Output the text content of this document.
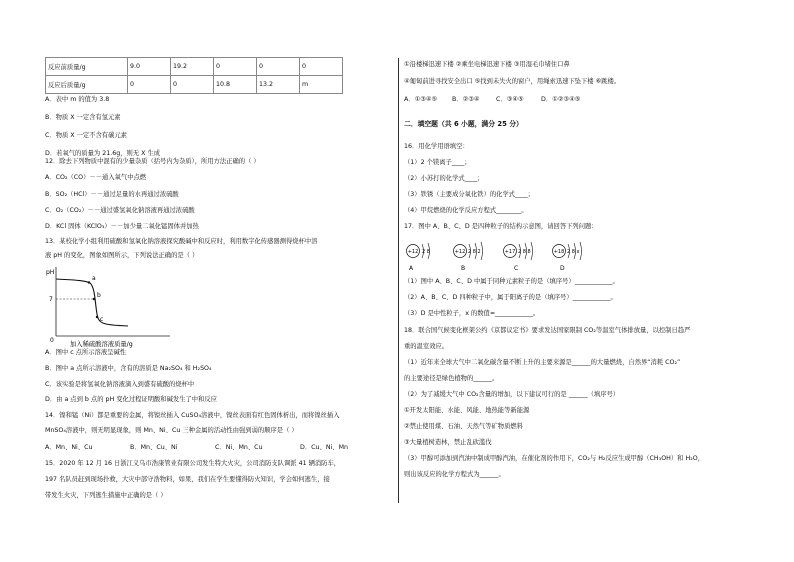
反应前质量/g	9.0	19.2	0	0	0
反应后质量/g	0	0	10.8	13.2	m
A．表中 m 的值为 3.8
B．物质 X 一定含有氢元素
C．物质 X 一定不含有碳元素
D．若氧气的质量为 21.6g，则无 X 生成
12．除去下列物质中混有的少量杂质（括号内为杂质），所用方法正确的（ ）
A．CO₂（CO）－－通入氧气中点燃
B．SO₂（HCl）－－通过足量的水再通过浓硫酸
C．O₂（CO₂）－－通过盛氢氧化钠溶液再通过浓硫酸
D．KCl 固体（KClO₃）－－加少量二氧化锰固体并加热
13．某校化学小组利用硫酸和氢氧化钠溶液探究酸碱中和反应时，利用数字化传感器测得烧杯中溶
液 pH 的变化，图象如图所示，下列说法正确的是（ ）
pH
7
0
a
b
c
加入稀硫酸溶液质量/g
A．图中 c 点所示溶液呈碱性
B．图中 a 点所示溶液中，含有的溶质是 Na₂SO₄ 和 H₂SO₄
C．该实验是将氢氧化钠溶液滴入到盛有硫酸的烧杯中
D．由 a 点到 b 点的 pH 变化过程证明酸和碱发生了中和反应
14．镍和锰（Ni）都是重要的金属，将镍丝插入 CuSO₄溶液中，镍丝表面有红色固体析出，而将镍丝插入
MnSO₄溶液中，则无明显现象，则 Mn、Ni、Cu 三种金属的活动性由强到弱的顺序是（ ）
A．Mn、Ni、Cu	B．Mn、Cu、Ni	C．Ni、Mn、Cu	D．Cu、Ni、Mn
15．2020 年 12 月 16 日浙江义乌市浩康管业有限公司发生特大火灾，公司消防支队调派 41 辆消防车，
197 名队员赶到现场扑救，大灾中部守浩物料，如果，我们在学生要懂得防火知识，学会如何逃生，接
带发生火灾，下列逃生措施中正确的是（ ）
①沿楼梯迅速下楼 ②乘坐电梯迅速下楼 ③用湿毛巾堵住口鼻
④匍匐前进寻找安全出口 ⑤找到未失火的窗户，用绳索迅速下坠下楼 ⑥跳楼。
A．①③④⑤ B．②③④	C．③④⑤	D．①②③④⑤
二．填空题（共 6 小题，满分 25 分）
16．用化学用语填空：
（1）2 个镁离子____；
（2）小苏打的化学式____；
（3）铁锈（主要成分氧化铁）的化学式____；
（4）甲烷燃烧的化学反应方程式________。
17．图中 A、B、C、D 是四种粒子的结构示意图，请回答下列问题：
+12 2 8
A
+12 2 8 2
B
+17 2 8 8
C
+18 2 8 x
D
（1）图中 A、B、C、D 中属于同种元素粒子的是（填序号）____________。
（2）A、B、C、D 四种粒子中，属于阳离子的是（填序号）____________。
（3）D 是中性粒子，x 的数值=____________。
18．联合国气候变化框架公约《京都议定书》要求发达国家限制 CO₂等温室气体排放量，以控制日趋严
重的温室效应。
（1）近年来全球大气中二氧化碳含量不断上升的主要来源是______的大量燃烧，自然界“消耗 CO₂”
的主要途径是绿色植物的______。
（2）为了减缓大气中 CO₂含量的增加，以下建议可行的是 ______（填序号）
①开发太阳能、水能、风能、地热能等新能源
②禁止使用煤、石油、天然气等矿物质燃料
③大量植树造林，禁止乱砍滥伐
（3）甲醇可添加到汽油中制成甲醇汽油，在催化剂的作用下，CO₂与 H₂反应生成甲醇（CH₃OH）和 H₂O，
则出该反应的化学方程式为______。
